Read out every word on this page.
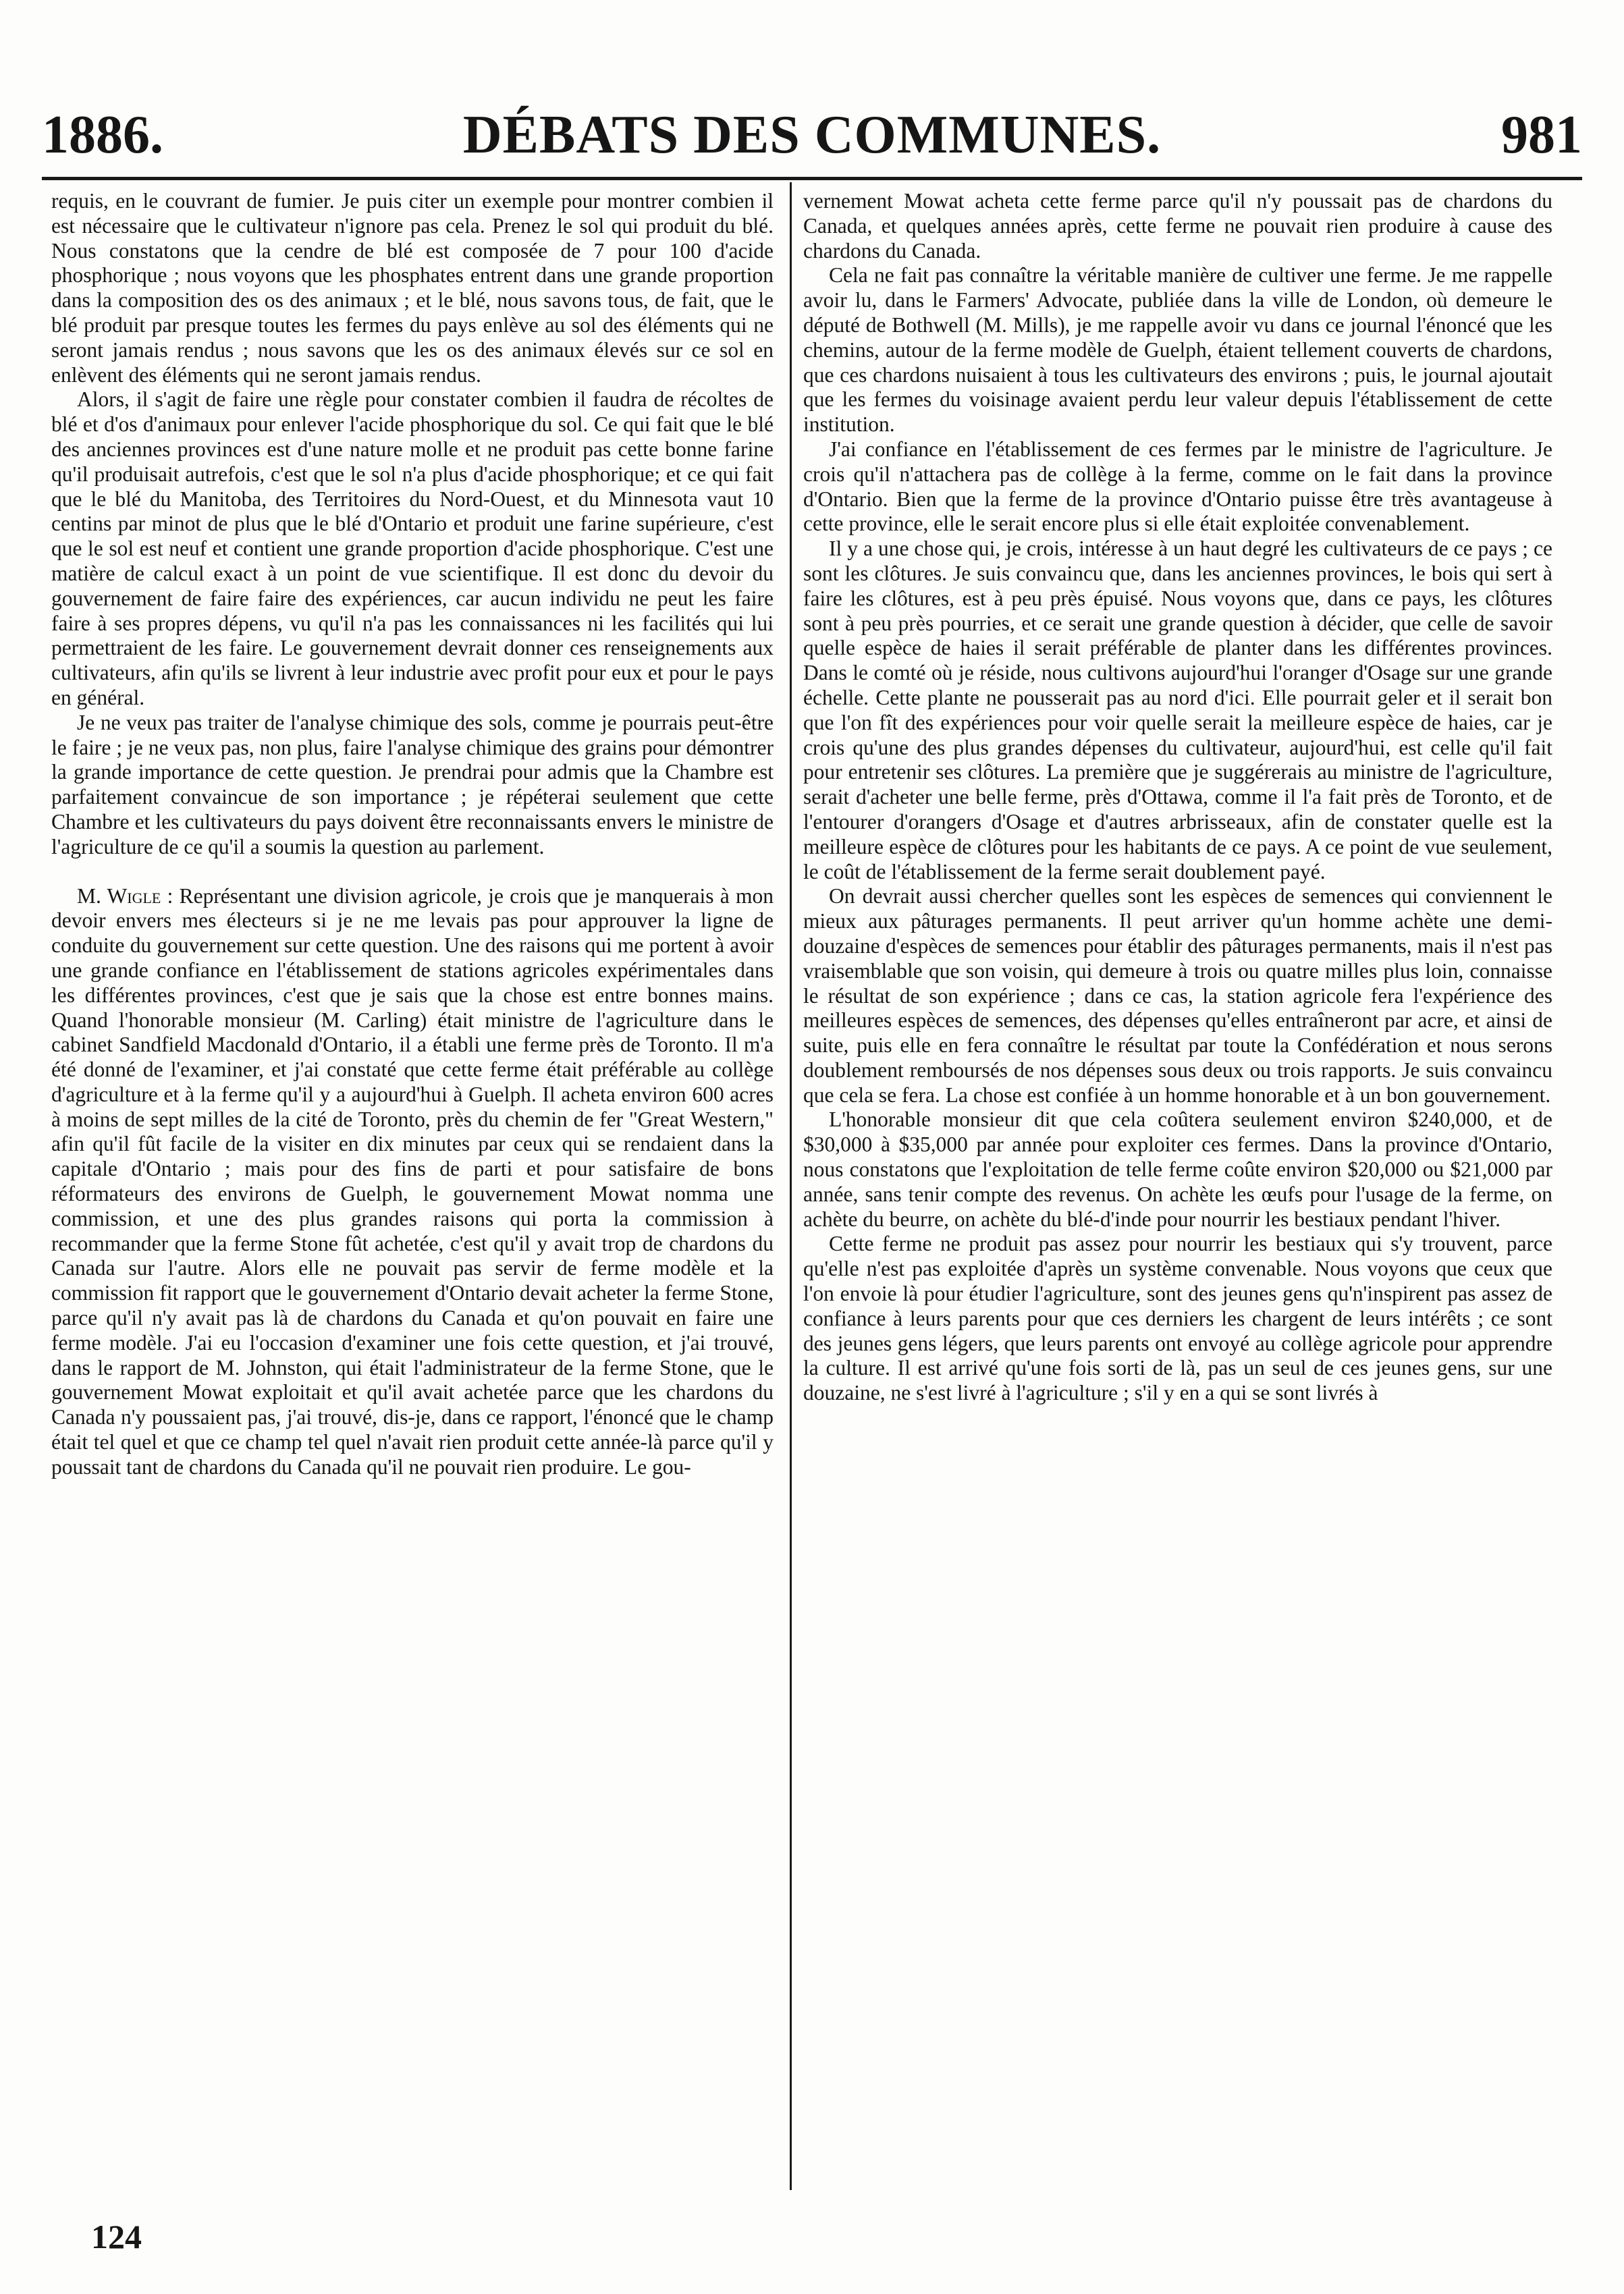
1886.	DÉBATS DES COMMUNES.	981

requis, en le couvrant de fumier. Je puis citer un exemple pour montrer combien il est nécessaire que le cultivateur n'ignore pas cela. Prenez le sol qui produit du blé. Nous constatons que la cendre de blé est composée de 7 pour 100 d'acide phosphorique ; nous voyons que les phosphates entrent dans une grande proportion dans la composition des os des animaux ; et le blé, nous savons tous, de fait, que le blé produit par presque toutes les fermes du pays enlève au sol des éléments qui ne seront jamais rendus ; nous savons que les os des animaux élevés sur ce sol en enlèvent des éléments qui ne seront jamais rendus.

Alors, il s'agit de faire une règle pour constater combien il faudra de récoltes de blé et d'os d'animaux pour enlever l'acide phosphorique du sol. Ce qui fait que le blé des anciennes provinces est d'une nature molle et ne produit pas cette bonne farine qu'il produisait autrefois, c'est que le sol n'a plus d'acide phosphorique; et ce qui fait que le blé du Manitoba, des Territoires du Nord-Ouest, et du Minnesota vaut 10 centins par minot de plus que le blé d'Ontario et produit une farine supérieure, c'est que le sol est neuf et contient une grande proportion d'acide phosphorique. C'est une matière de calcul exact à un point de vue scientifique. Il est donc du devoir du gouvernement de faire faire des expériences, car aucun individu ne peut les faire faire à ses propres dépens, vu qu'il n'a pas les connaissances ni les facilités qui lui permettraient de les faire. Le gouvernement devrait donner ces renseignements aux cultivateurs, afin qu'ils se livrent à leur industrie avec profit pour eux et pour le pays en général.

Je ne veux pas traiter de l'analyse chimique des sols, comme je pourrais peut-être le faire ; je ne veux pas, non plus, faire l'analyse chimique des grains pour démontrer la grande importance de cette question. Je prendrai pour admis que la Chambre est parfaitement convaincue de son importance ; je répéterai seulement que cette Chambre et les cultivateurs du pays doivent être reconnaissants envers le ministre de l'agriculture de ce qu'il a soumis la question au parlement.

M. Wigle : Représentant une division agricole, je crois que je manquerais à mon devoir envers mes électeurs si je ne me levais pas pour approuver la ligne de conduite du gouvernement sur cette question. Une des raisons qui me portent à avoir une grande confiance en l'établissement de stations agricoles expérimentales dans les différentes provinces, c'est que je sais que la chose est entre bonnes mains. Quand l'honorable monsieur (M. Carling) était ministre de l'agriculture dans le cabinet Sandfield Macdonald d'Ontario, il a établi une ferme près de Toronto. Il m'a été donné de l'examiner, et j'ai constaté que cette ferme était préférable au collège d'agriculture et à la ferme qu'il y a aujourd'hui à Guelph. Il acheta environ 600 acres à moins de sept milles de la cité de Toronto, près du chemin de fer "Great Western," afin qu'il fût facile de la visiter en dix minutes par ceux qui se rendaient dans la capitale d'Ontario ; mais pour des fins de parti et pour satisfaire de bons réformateurs des environs de Guelph, le gouvernement Mowat nomma une commission, et une des plus grandes raisons qui porta la commission à recommander que la ferme Stone fût achetée, c'est qu'il y avait trop de chardons du Canada sur l'autre. Alors elle ne pouvait pas servir de ferme modèle et la commission fit rapport que le gouvernement d'Ontario devait acheter la ferme Stone, parce qu'il n'y avait pas là de chardons du Canada et qu'on pouvait en faire une ferme modèle. J'ai eu l'occasion d'examiner une fois cette question, et j'ai trouvé, dans le rapport de M. Johnston, qui était l'administrateur de la ferme Stone, que le gouvernement Mowat exploitait et qu'il avait achetée parce que les chardons du Canada n'y poussaient pas, j'ai trouvé, dis-je, dans ce rapport, l'énoncé que le champ était tel quel et que ce champ tel quel n'avait rien produit cette année-là parce qu'il y poussait tant de chardons du Canada qu'il ne pouvait rien produire. Le gou-

vernement Mowat acheta cette ferme parce qu'il n'y poussait pas de chardons du Canada, et quelques années après, cette ferme ne pouvait rien produire à cause des chardons du Canada.

Cela ne fait pas connaître la véritable manière de cultiver une ferme. Je me rappelle avoir lu, dans le Farmers' Advocate, publiée dans la ville de London, où demeure le député de Bothwell (M. Mills), je me rappelle avoir vu dans ce journal l'énoncé que les chemins, autour de la ferme modèle de Guelph, étaient tellement couverts de chardons, que ces chardons nuisaient à tous les cultivateurs des environs ; puis, le journal ajoutait que les fermes du voisinage avaient perdu leur valeur depuis l'établissement de cette institution.

J'ai confiance en l'établissement de ces fermes par le ministre de l'agriculture. Je crois qu'il n'attachera pas de collège à la ferme, comme on le fait dans la province d'Ontario. Bien que la ferme de la province d'Ontario puisse être très avantageuse à cette province, elle le serait encore plus si elle était exploitée convenablement.

Il y a une chose qui, je crois, intéresse à un haut degré les cultivateurs de ce pays ; ce sont les clôtures. Je suis convaincu que, dans les anciennes provinces, le bois qui sert à faire les clôtures, est à peu près épuisé. Nous voyons que, dans ce pays, les clôtures sont à peu près pourries, et ce serait une grande question à décider, que celle de savoir quelle espèce de haies il serait préférable de planter dans les différentes provinces. Dans le comté où je réside, nous cultivons aujourd'hui l'oranger d'Osage sur une grande échelle. Cette plante ne pousserait pas au nord d'ici. Elle pourrait geler et il serait bon que l'on fît des expériences pour voir quelle serait la meilleure espèce de haies, car je crois qu'une des plus grandes dépenses du cultivateur, aujourd'hui, est celle qu'il fait pour entretenir ses clôtures. La première que je suggérerais au ministre de l'agriculture, serait d'acheter une belle ferme, près d'Ottawa, comme il l'a fait près de Toronto, et de l'entourer d'orangers d'Osage et d'autres arbrisseaux, afin de constater quelle est la meilleure espèce de clôtures pour les habitants de ce pays. A ce point de vue seulement, le coût de l'établissement de la ferme serait doublement payé.

On devrait aussi chercher quelles sont les espèces de semences qui conviennent le mieux aux pâturages permanents. Il peut arriver qu'un homme achète une demi-douzaine d'espèces de semences pour établir des pâturages permanents, mais il n'est pas vraisemblable que son voisin, qui demeure à trois ou quatre milles plus loin, connaisse le résultat de son expérience ; dans ce cas, la station agricole fera l'expérience des meilleures espèces de semences, des dépenses qu'elles entraîneront par acre, et ainsi de suite, puis elle en fera connaître le résultat par toute la Confédération et nous serons doublement remboursés de nos dépenses sous deux ou trois rapports. Je suis convaincu que cela se fera. La chose est confiée à un homme honorable et à un bon gouvernement.

L'honorable monsieur dit que cela coûtera seulement environ $240,000, et de $30,000 à $35,000 par année pour exploiter ces fermes. Dans la province d'Ontario, nous constatons que l'exploitation de telle ferme coûte environ $20,000 ou $21,000 par année, sans tenir compte des revenus. On achète les œufs pour l'usage de la ferme, on achète du beurre, on achète du blé-d'inde pour nourrir les bestiaux pendant l'hiver.

Cette ferme ne produit pas assez pour nourrir les bestiaux qui s'y trouvent, parce qu'elle n'est pas exploitée d'après un système convenable. Nous voyons que ceux que l'on envoie là pour étudier l'agriculture, sont des jeunes gens qu'n'inspirent pas assez de confiance à leurs parents pour que ces derniers les chargent de leurs intérêts ; ce sont des jeunes gens légers, que leurs parents ont envoyé au collège agricole pour apprendre la culture. Il est arrivé qu'une fois sorti de là, pas un seul de ces jeunes gens, sur une douzaine, ne s'est livré à l'agriculture ; s'il y en a qui se sont livrés à

124
